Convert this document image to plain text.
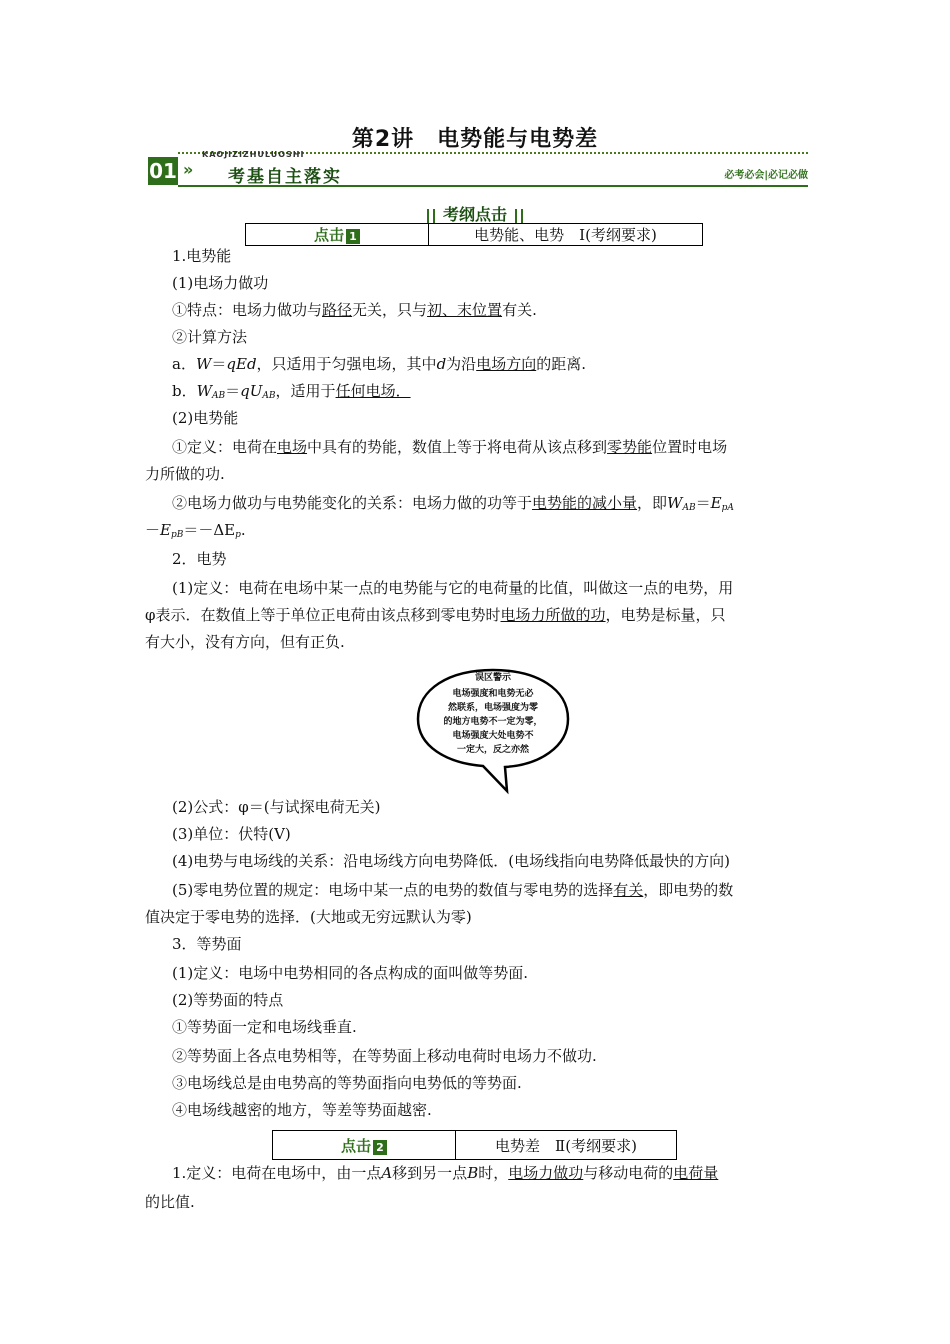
第2讲　电势能与电势差
KAOJIZIZHULUOSHI
01 » 考基自主落实	必考必会|必记必做
考纲点击
点击 1	电势能、电势　Ⅰ(考纲要求)
1.电势能
(1)电场力做功
①特点：电场力做功与路径无关，只与初、末位置有关.
②计算方法
a．W＝qEd，只适用于匀强电场，其中d为沿电场方向的距离.
b．$W_{AB}=qU_{AB}$，适用于任何电场．
(2)电势能
①定义：电荷在电场中具有的势能，数值上等于将电荷从该点移到零势能位置时电场
力所做的功.
②电场力做功与电势能变化的关系：电场力做的功等于电势能的减小量，即$W_{AB}=E_{pA}$
$-E_{pB}=-\Delta E_p$.
2．电势
(1)定义：电荷在电场中某一点的电势能与它的电荷量的比值，叫做这一点的电势，用
φ表示．在数值上等于单位正电荷由该点移到零电势时电场力所做的功，电势是标量，只
有大小，没有方向，但有正负.
误区警示
电场强度和电势无必
然联系，电场强度为零
的地方电势不一定为零，
电场强度大处电势不
一定大，反之亦然
(2)公式：φ＝(与试探电荷无关)
(3)单位：伏特(V)
(4)电势与电场线的关系：沿电场线方向电势降低．(电场线指向电势降低最快的方向)
(5)零电势位置的规定：电场中某一点的电势的数值与零电势的选择有关，即电势的数
值决定于零电势的选择．(大地或无穷远默认为零)
3．等势面
(1)定义：电场中电势相同的各点构成的面叫做等势面.
(2)等势面的特点
①等势面一定和电场线垂直.
②等势面上各点电势相等，在等势面上移动电荷时电场力不做功.
③电场线总是由电势高的等势面指向电势低的等势面.
④电场线越密的地方，等差等势面越密.
点击 2	电势差　Ⅱ(考纲要求)
1.定义：电荷在电场中，由一点A移到另一点B时，电场力做功与移动电荷的电荷量
的比值.
